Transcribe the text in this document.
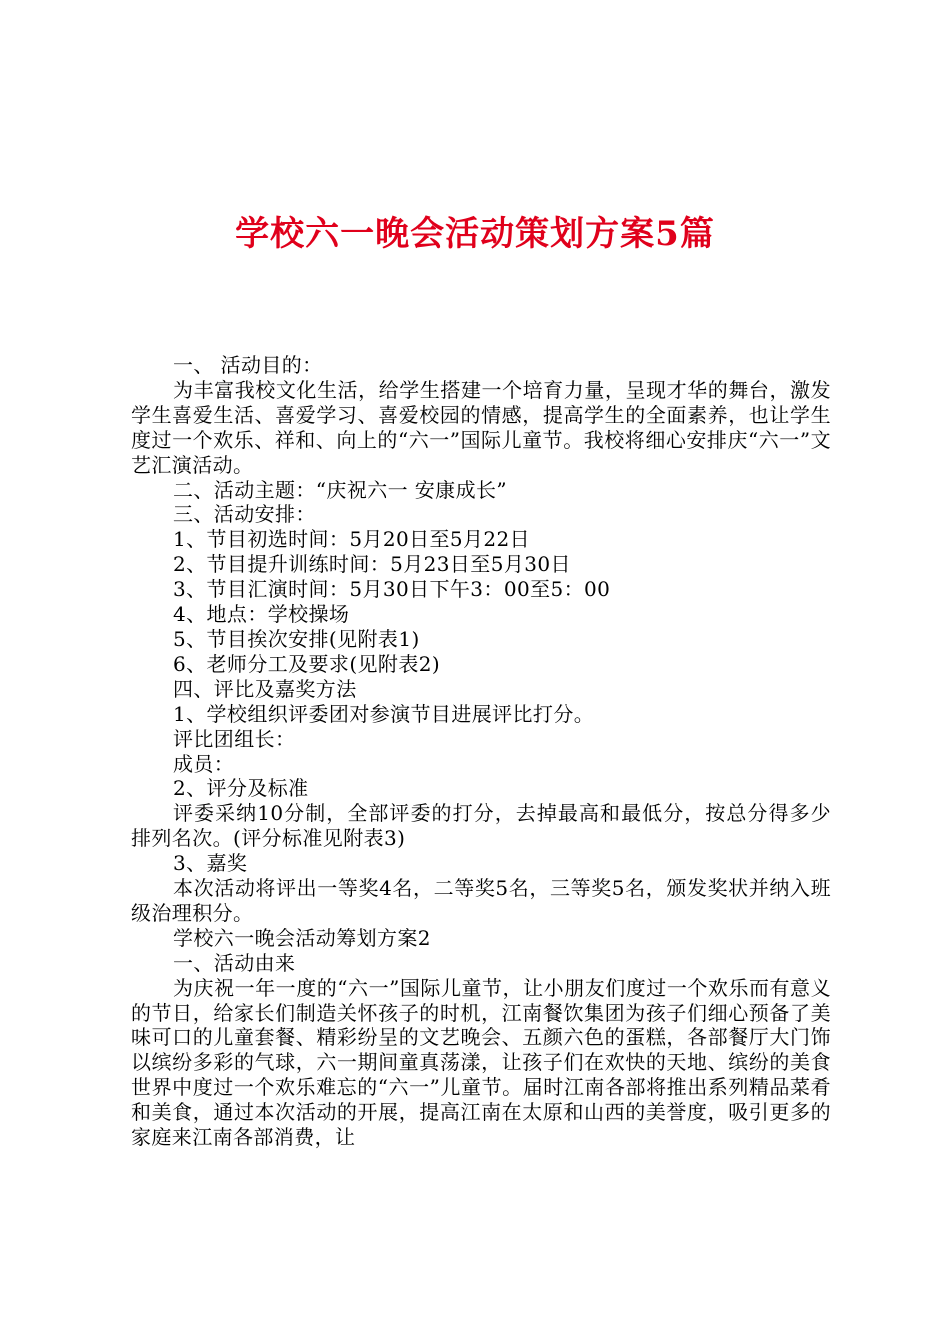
学校六一晚会活动策划方案5篇

一、 活动目的：

为丰富我校文化生活，给学生搭建一个培育力量，呈现才华的舞台，激发学生喜爱生活、喜爱学习、喜爱校园的情感，提高学生的全面素养，也让学生度过一个欢乐、祥和、向上的“六一”国际儿童节。我校将细心安排庆“六一”文艺汇演活动。

二、活动主题：“庆祝六一 安康成长”

三、活动安排：

1、节目初选时间：5月20日至5月22日

2、节目提升训练时间：5月23日至5月30日

3、节目汇演时间：5月30日下午3：00至5：00

4、地点：学校操场

5、节目挨次安排(见附表1)

6、老师分工及要求(见附表2)

四、评比及嘉奖方法

1、学校组织评委团对参演节目进展评比打分。

评比团组长：

成员：

2、评分及标准

评委采纳10分制，全部评委的打分，去掉最高和最低分，按总分得多少排列名次。(评分标准见附表3)

3、嘉奖

本次活动将评出一等奖4名，二等奖5名，三等奖5名，颁发奖状并纳入班级治理积分。

学校六一晚会活动筹划方案2

一、活动由来

为庆祝一年一度的“六一”国际儿童节，让小朋友们度过一个欢乐而有意义的节日，给家长们制造关怀孩子的时机，江南餐饮集团为孩子们细心预备了美味可口的儿童套餐、精彩纷呈的文艺晚会、五颜六色的蛋糕，各部餐厅大门饰以缤纷多彩的气球，六一期间童真荡漾，让孩子们在欢快的天地、缤纷的美食世界中度过一个欢乐难忘的“六一”儿童节。届时江南各部将推出系列精品菜肴和美食，通过本次活动的开展，提高江南在太原和山西的美誉度，吸引更多的家庭来江南各部消费，让
